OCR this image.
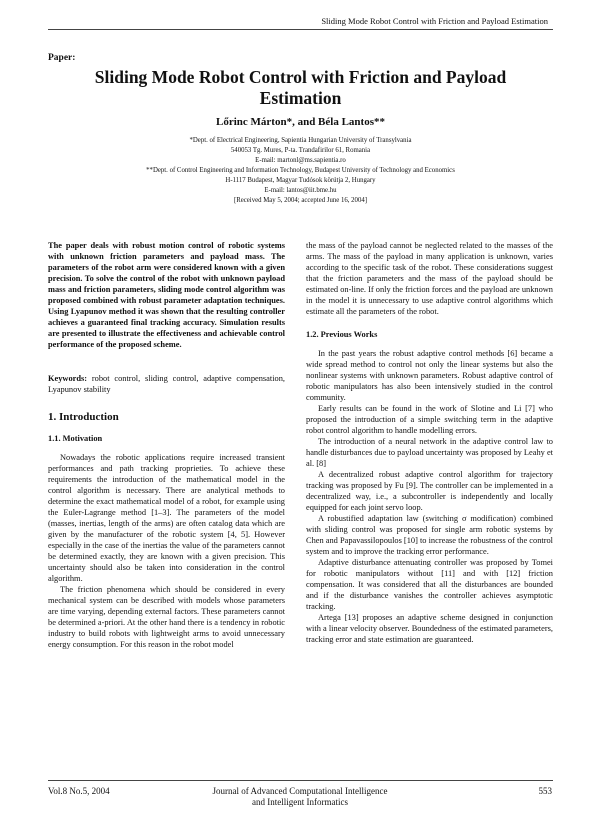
Sliding Mode Robot Control with Friction and Payload Estimation
Paper:
Sliding Mode Robot Control with Friction and Payload
Estimation
Lőrinc Márton*, and Béla Lantos**
*Dept. of Electrical Engineering, Sapientia Hungarian University of Transylvania
540053 Tg. Mures, P-ta. Trandafirilor 61, Romania
E-mail: martonl@ms.sapientia.ro
**Dept. of Control Engineering and Information Technology, Budapest University of Technology and Economics
H-1117 Budapest, Magyar Tudósok körútja 2, Hungary
E-mail: lantos@iit.bme.hu
[Received May 5, 2004; accepted June 16, 2004]

The paper deals with robust motion control of robotic systems with unknown friction parameters and payload mass. The parameters of the robot arm were considered known with a given precision. To solve the control of the robot with unknown payload mass and friction parameters, sliding mode control algorithm was proposed combined with robust parameter adaptation techniques. Using Lyapunov method it was shown that the resulting controller achieves a guaranteed final tracking accuracy. Simulation results are presented to illustrate the effectiveness and achievable control performance of the proposed scheme.

Keywords: robot control, sliding control, adaptive compensation, Lyapunov stability

1. Introduction
1.1. Motivation

Nowadays the robotic applications require increased transient performances and path tracking proprieties. To achieve these requirements the introduction of the mathematical model in the control algorithm is necessary. There are analytical methods to determine the exact mathematical model of a robot, for example using the Euler-Lagrange method [1–3]. The parameters of the model (masses, inertias, length of the arms) are often catalog data which are given by the manufacturer of the robotic system [4, 5]. However especially in the case of the inertias the value of the parameters cannot be determined exactly, they are known with a given precision. This uncertainty should also be taken into consideration in the control algorithm.

The friction phenomena which should be considered in every mechanical system can be described with models whose parameters are time varying, depending external factors. These parameters cannot be determined a-priori. At the other hand there is a tendency in robotic industry to build robots with lightweight arms to avoid unnecessary energy consumption. For this reason in the robot model

the mass of the payload cannot be neglected related to the masses of the arms. The mass of the payload in many application is unknown, varies according to the specific task of the robot. These considerations suggest that the friction parameters and the mass of the payload should be estimated on-line. If only the friction forces and the payload are unknown in the model it is unnecessary to use adaptive control algorithms which estimate all the parameters of the robot.

1.2. Previous Works

In the past years the robust adaptive control methods [6] became a wide spread method to control not only the linear systems but also the nonlinear systems with unknown parameters. Robust adaptive control of robotic manipulators has also been intensively studied in the control community.

Early results can be found in the work of Slotine and Li [7] who proposed the introduction of a simple switching term in the adaptive robot control algorithm to handle modelling errors.

The introduction of a neural network in the adaptive control law to handle disturbances due to payload uncertainty was proposed by Leahy et al. [8]

A decentralized robust adaptive control algorithm for trajectory tracking was proposed by Fu [9]. The controller can be implemented in a decentralized way, i.e., a subcontroller is independently and locally equipped for each joint servo loop.

A robustified adaptation law (switching σ modification) combined with sliding control was proposed for single arm robotic systems by Chen and Papavassilopoulos [10] to increase the robustness of the control system and to improve the tracking error performance.

Adaptive disturbance attenuating controller was proposed by Tomei for robotic manipulators without [11] and with [12] friction compensation. It was considered that all the disturbances are bounded and if the disturbance vanishes the controller achieves asymptotic tracking.

Artega [13] proposes an adaptive scheme designed in conjunction with a linear velocity observer. Boundedness of the estimated parameters, tracking error and state estimation are guaranteed.

Vol.8 No.5, 2004	Journal of Advanced Computational Intelligence
and Intelligent Informatics
553
